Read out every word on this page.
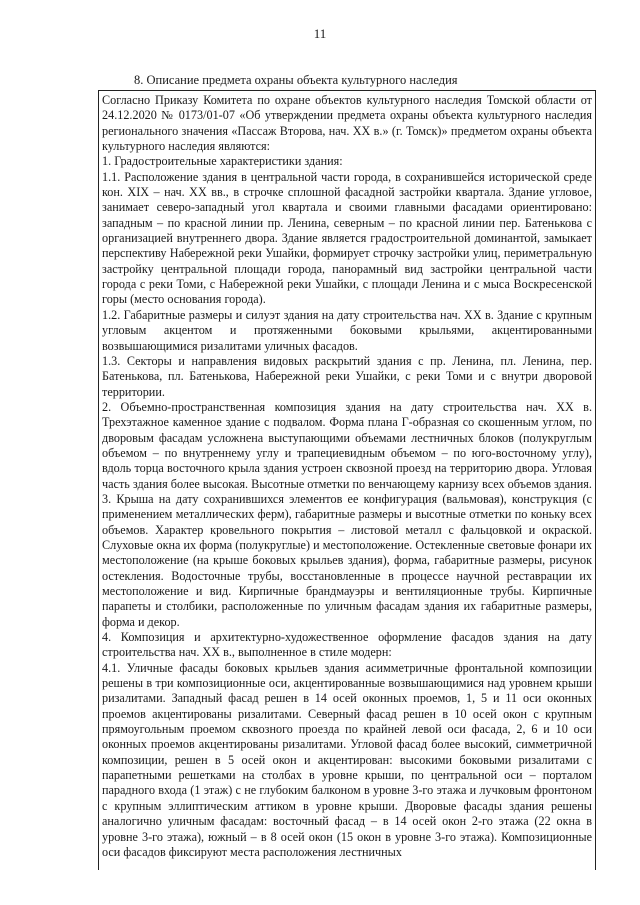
11
8. Описание предмета охраны объекта культурного наследия

Согласно Приказу Комитета по охране объектов культурного наследия Томской области от 24.12.2020 № 0173/01-07 «Об утверждении предмета охраны объекта культурного наследия регионального значения «Пассаж Второва, нач. XX в.» (г. Томск)» предметом охраны объекта культурного наследия являются:

1. Градостроительные характеристики здания:

1.1. Расположение здания в центральной части города, в сохранившейся исторической среде кон. XIX – нач. XX вв., в строчке сплошной фасадной застройки квартала. Здание угловое, занимает северо-западный угол квартала и своими главными фасадами ориентировано: западным – по красной линии пр. Ленина, северным – по красной линии пер. Батенькова с организацией внутреннего двора. Здание является градостроительной доминантой, замыкает перспективу Набережной реки Ушайки, формирует строчку застройки улиц, периметральную застройку центральной площади города, панорамный вид застройки центральной части города с реки Томи, с Набережной реки Ушайки, с площади Ленина и с мыса Воскресенской горы (место основания города).

1.2. Габаритные размеры и силуэт здания на дату строительства нач. XX в. Здание с крупным угловым акцентом и протяженными боковыми крыльями, акцентированными возвышающимися ризалитами уличных фасадов.

1.3. Секторы и направления видовых раскрытий здания с пр. Ленина, пл. Ленина, пер. Батенькова, пл. Батенькова, Набережной реки Ушайки, с реки Томи и с внутри дворовой территории.

2. Объемно-пространственная композиция здания на дату строительства нач. XX в. Трехэтажное каменное здание с подвалом. Форма плана Г-образная со скошенным углом, по дворовым фасадам усложнена выступающими объемами лестничных блоков (полукруглым объемом – по внутреннему углу и трапециевидным объемом – по юго-восточному углу), вдоль торца восточного крыла здания устроен сквозной проезд на территорию двора. Угловая часть здания более высокая. Высотные отметки по венчающему карнизу всех объемов здания.

3. Крыша на дату сохранившихся элементов ее конфигурация (вальмовая), конструкция (с применением металлических ферм), габаритные размеры и высотные отметки по коньку всех объемов. Характер кровельного покрытия – листовой металл с фальцовкой и окраской. Слуховые окна их форма (полукруглые) и местоположение. Остекленные световые фонари их местоположение (на крыше боковых крыльев здания), форма, габаритные размеры, рисунок остекления. Водосточные трубы, восстановленные в процессе научной реставрации их местоположение и вид. Кирпичные брандмауэры и вентиляционные трубы. Кирпичные парапеты и столбики, расположенные по уличным фасадам здания их габаритные размеры, форма и декор.

4. Композиция и архитектурно-художественное оформление фасадов здания на дату строительства нач. XX в., выполненное в стиле модерн:

4.1. Уличные фасады боковых крыльев здания асимметричные фронтальной композиции решены в три композиционные оси, акцентированные возвышающимися над уровнем крыши ризалитами. Западный фасад решен в 14 осей оконных проемов, 1, 5 и 11 оси оконных проемов акцентированы ризалитами. Северный фасад решен в 10 осей окон с крупным прямоугольным проемом сквозного проезда по крайней левой оси фасада, 2, 6 и 10 оси оконных проемов акцентированы ризалитами. Угловой фасад более высокий, симметричной композиции, решен в 5 осей окон и акцентирован: высокими боковыми ризалитами с парапетными решетками на столбах в уровне крыши, по центральной оси – порталом парадного входа (1 этаж) с не глубоким балконом в уровне 3-го этажа и лучковым фронтоном с крупным эллиптическим аттиком в уровне крыши. Дворовые фасады здания решены аналогично уличным фасадам: восточный фасад – в 14 осей окон 2-го этажа (22 окна в уровне 3-го этажа), южный – в 8 осей окон (15 окон в уровне 3-го этажа). Композиционные оси фасадов фиксируют места расположения лестничных
